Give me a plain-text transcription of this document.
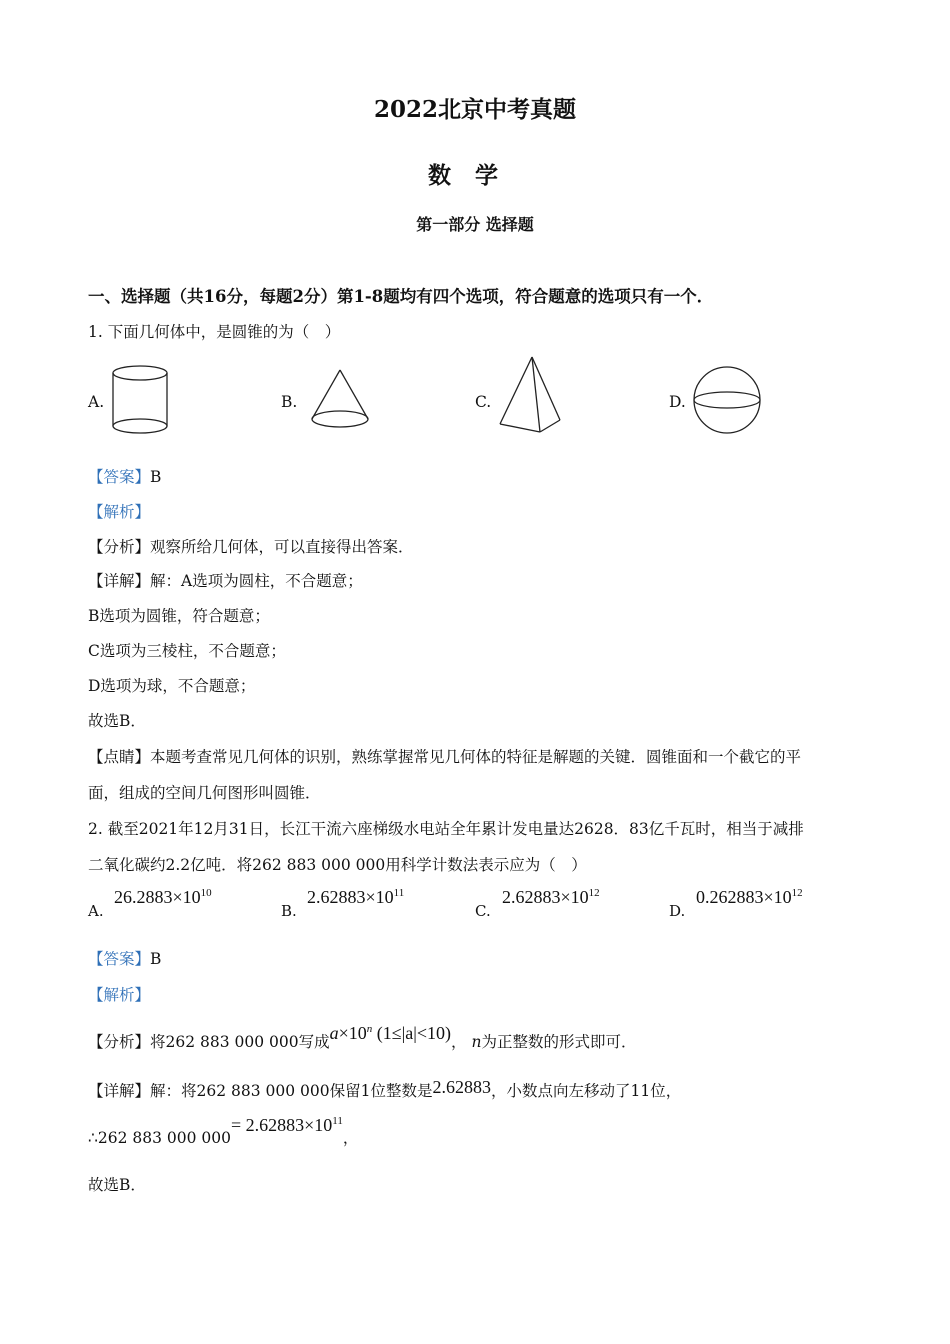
2022北京中考真题
数学
第一部分 选择题
一、选择题（共16分，每题2分）第1-8题均有四个选项，符合题意的选项只有一个．
1. 下面几何体中，是圆锥的为（　）
A.	B.	C.	D.
【答案】B
【解析】
【分析】观察所给几何体，可以直接得出答案．
【详解】解：A选项为圆柱，不合题意；
B选项为圆锥，符合题意；
C选项为三棱柱，不合题意；
D选项为球，不合题意；
故选B．
【点睛】本题考查常见几何体的识别，熟练掌握常见几何体的特征是解题的关键．圆锥面和一个截它的平
面，组成的空间几何图形叫圆锥．
2. 截至2021年12月31日，长江干流六座梯级水电站全年累计发电量达2628．83亿千瓦时，相当于减排
二氧化碳约2.2亿吨．将262 883 000 000用科学计数法表示应为（　）
A.
$26.2883\times 10^{10}$
B.
$2.62883\times 10^{11}$
C.
$2.62883\times 10^{12}$
D.
$0.262883\times 10^{12}$
【答案】B
【解析】
【分析】将262 883 000 000写成$a\times 10^n$ (1≤|a|<10)， n为正整数的形式即可．
【详解】解：将262 883 000 000保留1位整数是2.62883，小数点向左移动了11位，
∴262 883 000 $000= 2.62883\times 10^{11}$，
故选B．
